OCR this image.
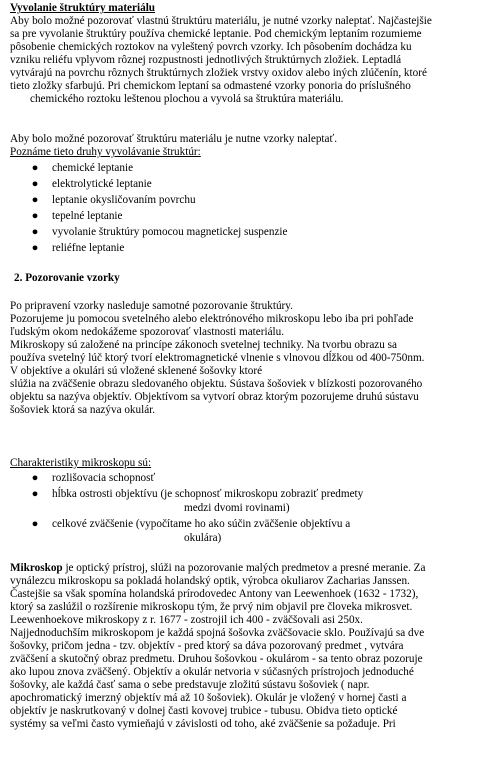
Vyvolanie štruktúry materiálu
Aby bolo možné pozorovať vlastnú štruktúru materiálu, je nutné vzorky naleptať. Najčastejšie
sa pre vyvolanie štruktúry používa chemické leptanie. Pod chemickým leptaním rozumieme
pôsobenie chemických roztokov na vyleštený povrch vzorky. Ich pôsobením dochádza ku
vzniku reliéfu vplyvom rôznej rozpustnosti jednotlivých štruktúrnych zložiek. Leptadlá
vytvárajú na povrchu rôznych štruktúrnych zložiek vrstvy oxidov alebo iných zlúčenín, ktoré
tieto zložky sfarbujú. Pri chemickom leptaní sa odmastené vzorky ponoria do príslušného
chemického roztoku leštenou plochou a vyvolá sa štruktúra materiálu.
Aby bolo možné pozorovať štruktúru materiálu je nutne vzorky naleptať.
Poznáme tieto druhy vyvolávanie štruktúr:
● chemické leptanie
● elektrolytické leptanie
● leptanie okysličovaním povrchu
● tepelné leptanie
● vyvolanie štruktúry pomocou magnetickej suspenzie
● reliéfne leptanie
2. Pozorovanie vzorky
Po pripravení vzorky nasleduje samotné pozorovanie štruktúry.
Pozorujeme ju pomocou svetelného alebo elektrónového mikroskopu lebo iba pri pohľade
ľudským okom nedokážeme spozorovať vlastnosti materiálu.
Mikroskopy sú založené na princípe zákonoch svetelnej techniky. Na tvorbu obrazu sa
používa svetelný lúč ktorý tvorí elektromagnetické vlnenie s vlnovou dĺžkou od 400-750nm.
V objektíve a okulári sú vložené sklenené šošovky ktoré
slúžia na zväčšenie obrazu sledovaného objektu. Sústava šošoviek v blízkosti pozorovaného
objektu sa nazýva objektív. Objektívom sa vytvorí obraz ktorým pozorujeme druhú sústavu
šošoviek ktorá sa nazýva okulár.
Charakteristiky mikroskopu sú:
● rozlišovacia schopnosť
● hĺbka ostrosti objektívu (je schopnosť mikroskopu zobraziť predmety
medzi dvomi rovinami)
● celkové zväčšenie (vypočítame ho ako súčin zväčšenie objektívu a
okulára)
Mikroskop je optický prístroj, slúži na pozorovanie malých predmetov a presné meranie. Za
vynálezcu mikroskopu sa pokladá holandský optik, výrobca okuliarov Zacharias Janssen.
Častejšie sa však spomína holandská prírodovedec Antony van Leewenhoek (1632 - 1732),
ktorý sa zaslúžil o rozšírenie mikroskopu tým, že prvý nim objavil pre človeka mikrosvet.
Leewenhoekove mikroskopy z r. 1677 - zostrojil ich 400 - zväčšovali asi 250x.
Najjednoduchším mikroskopom je každá spojná šošovka zväčšovacie sklo. Používajú sa dve
šošovky, pričom jedna - tzv. objektív - pred ktorý sa dáva pozorovaný predmet , vytvára
zväčšení a skutočný obraz predmetu. Druhou šošovkou - okulárom - sa tento obraz pozoruje
ako lupou znova zväčšený. Objektív a okulár netvoria v súčasných prístrojoch jednoduché
šošovky, ale každá časť sama o sebe predstavuje zložitú sústavu šošoviek ( napr.
apochromatický imerzný objektív má až 10 šošoviek). Okulár je vložený v hornej časti a
objektív je naskrutkovaný v dolnej časti kovovej trubice - tubusu. Obidva tieto optické
systémy sa veľmi často vymieňajú v závislosti od toho, aké zväčšenie sa požaduje. Pri
